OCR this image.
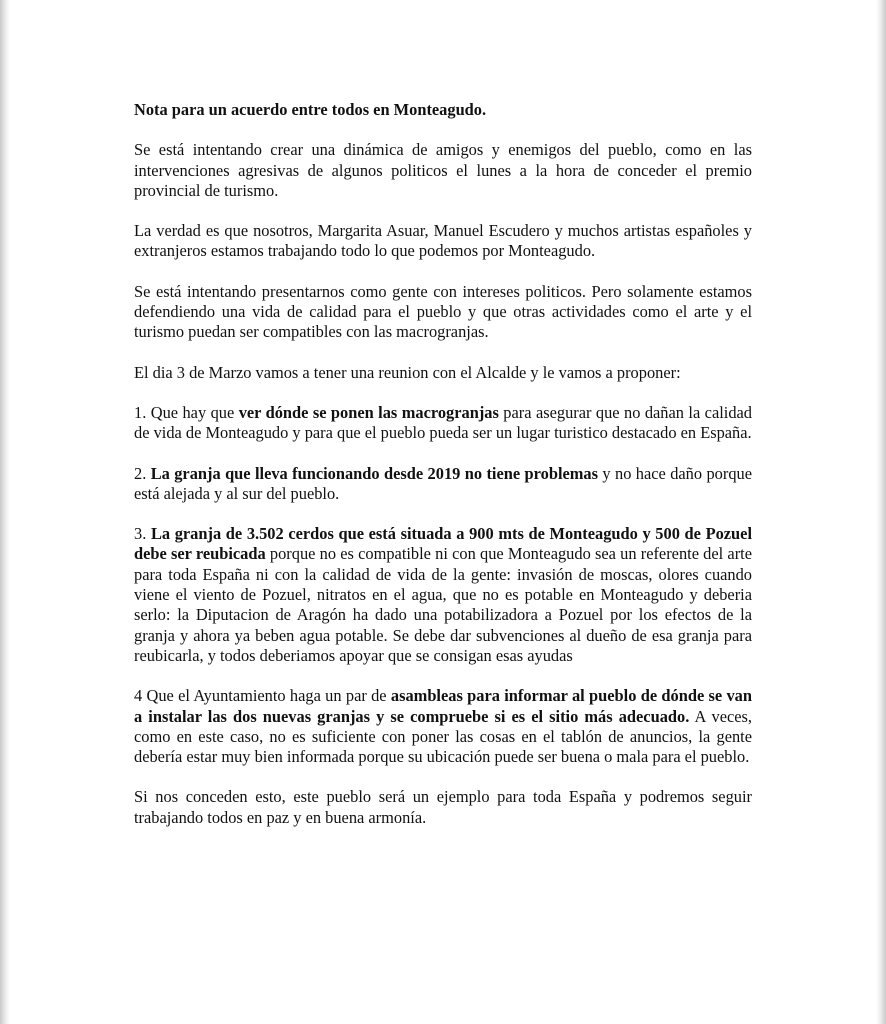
Nota para un acuerdo entre todos en Monteagudo.

Se está intentando crear una dinámica de amigos y enemigos del pueblo, como en las intervenciones agresivas de algunos politicos el lunes a la hora de conceder el premio provincial de turismo.

La verdad es que nosotros, Margarita Asuar, Manuel Escudero y muchos artistas españoles y extranjeros estamos trabajando todo lo que podemos por Monteagudo.

Se está intentando presentarnos como gente con intereses politicos. Pero solamente estamos defendiendo una vida de calidad para el pueblo y que otras actividades como el arte y el turismo puedan ser compatibles con las macrogranjas.

El dia 3 de Marzo vamos a tener una reunion con el Alcalde y le vamos a proponer:

1. Que hay que ver dónde se ponen las macrogranjas para asegurar que no dañan la calidad de vida de Monteagudo y para que el pueblo pueda ser un lugar turistico destacado en España.

2. La granja que lleva funcionando desde 2019 no tiene problemas y no hace daño porque está alejada y al sur del pueblo.

3. La granja de 3.502 cerdos que está situada a 900 mts de Monteagudo y 500 de Pozuel debe ser reubicada porque no es compatible ni con que Monteagudo sea un referente del arte para toda España ni con la calidad de vida de la gente: invasión de moscas, olores cuando viene el viento de Pozuel, nitratos en el agua, que no es potable en Monteagudo y deberia serlo: la Diputacion de Aragón ha dado una potabilizadora a Pozuel por los efectos de la granja y ahora ya beben agua potable. Se debe dar subvenciones al dueño de esa granja para reubicarla, y todos deberiamos apoyar que se consigan esas ayudas

4 Que el Ayuntamiento haga un par de asambleas para informar al pueblo de dónde se van a instalar las dos nuevas granjas y se compruebe si es el sitio más adecuado. A veces, como en este caso, no es suficiente con poner las cosas en el tablón de anuncios, la gente debería estar muy bien informada porque su ubicación puede ser buena o mala para el pueblo.

Si nos conceden esto, este pueblo será un ejemplo para toda España y podremos seguir trabajando todos en paz y en buena armonía.
